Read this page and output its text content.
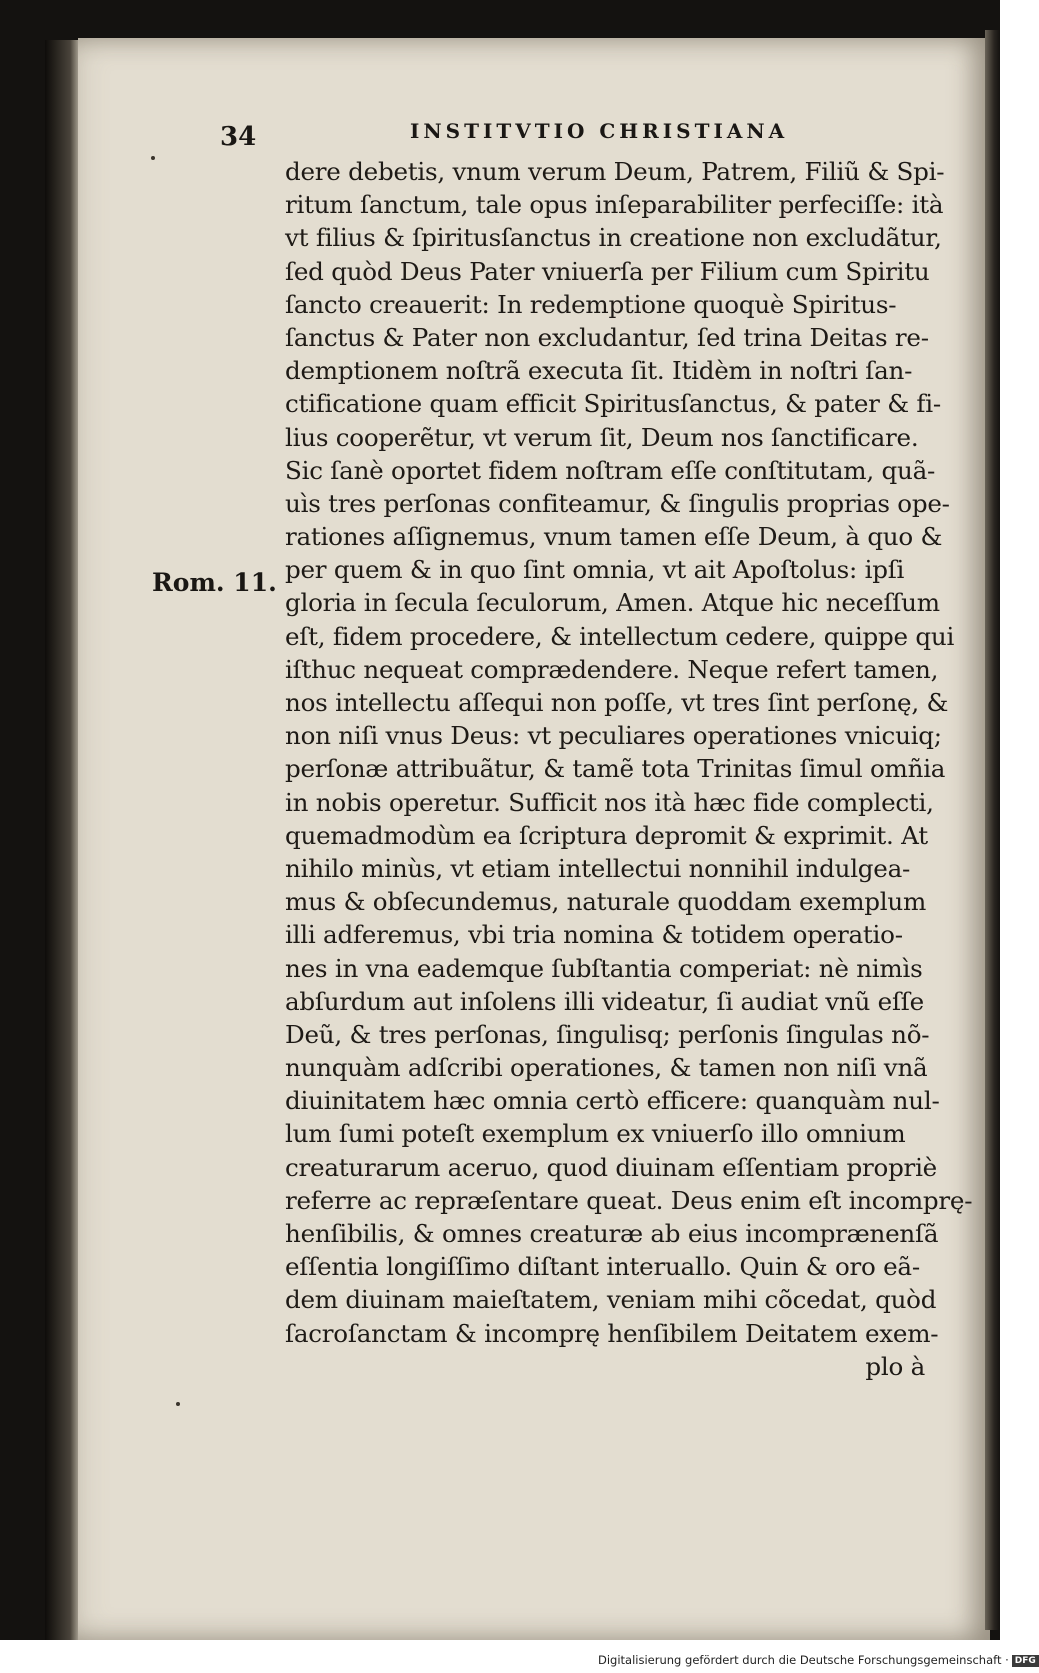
34	INSTITVTIO CHRISTIANA
Rom. 11.
dere debetis, vnum verum Deum, Patrem, Filiũ & Spi-
ritum ſanctum, tale opus inſeparabiliter perfeciſſe: ità
vt filius & ſpiritusſanctus in creatione non excludãtur,
ſed quòd Deus Pater vniuerſa per Filium cum Spiritu
ſancto creauerit: In redemptione quoquè Spiritus-
ſanctus & Pater non excludantur, ſed trina Deitas re-
demptionem noſtrã executa ſit. Itidèm in noſtri ſan-
ctificatione quam efficit Spiritusſanctus, & pater & fi-
lius cooperẽtur, vt verum ſit, Deum nos ſanctificare.
Sic ſanè oportet fidem noſtram eſſe conſtitutam, quã-
uìs tres perſonas confiteamur, & ſingulis proprias ope-
rationes aſſignemus, vnum tamen eſſe Deum, à quo &
per quem & in quo ſint omnia, vt ait Apoſtolus: ipſi
gloria in ſecula ſeculorum, Amen. Atque hic neceſſum
eſt, fidem procedere, & intellectum cedere, quippe qui
iſthuc nequeat comprædendere. Neque refert tamen,
nos intellectu aſſequi non poſſe, vt tres ſint perſonę, &
non niſi vnus Deus: vt peculiares operationes vnicuiq;
perſonæ attribuãtur, & tamẽ tota Trinitas ſimul omñia
in nobis operetur. Sufficit nos ità hæc fide complecti,
quemadmodùm ea ſcriptura depromit & exprimit. At
nihilo minùs, vt etiam intellectui nonnihil indulgea-
mus & obſecundemus, naturale quoddam exemplum
illi adferemus, vbi tria nomina & totidem operatio-
nes in vna eademque ſubſtantia comperiat: nè nimìs
abſurdum aut inſolens illi videatur, ſi audiat vnũ eſſe
Deũ, & tres perſonas, ſingulisq; perſonis ſingulas nõ-
nunquàm adſcribi operationes, & tamen non niſi vnã
diuinitatem hæc omnia certò efficere: quanquàm nul-
lum ſumi poteſt exemplum ex vniuerſo illo omnium
creaturarum aceruo, quod diuinam eſſentiam propriè
referre ac repræſentare queat. Deus enim eſt incomprę-
henſibilis, & omnes creaturæ ab eius incomprænenſã
eſſentia longiſſimo diſtant interuallo. Quin & oro eã-
dem diuinam maieſtatem, veniam mihi cõcedat, quòd
ſacroſanctam & incomprę henſibilem Deitatem exem-
plo à
Digitalisierung gefördert durch die Deutsche Forschungsgemeinschaft · DFG
